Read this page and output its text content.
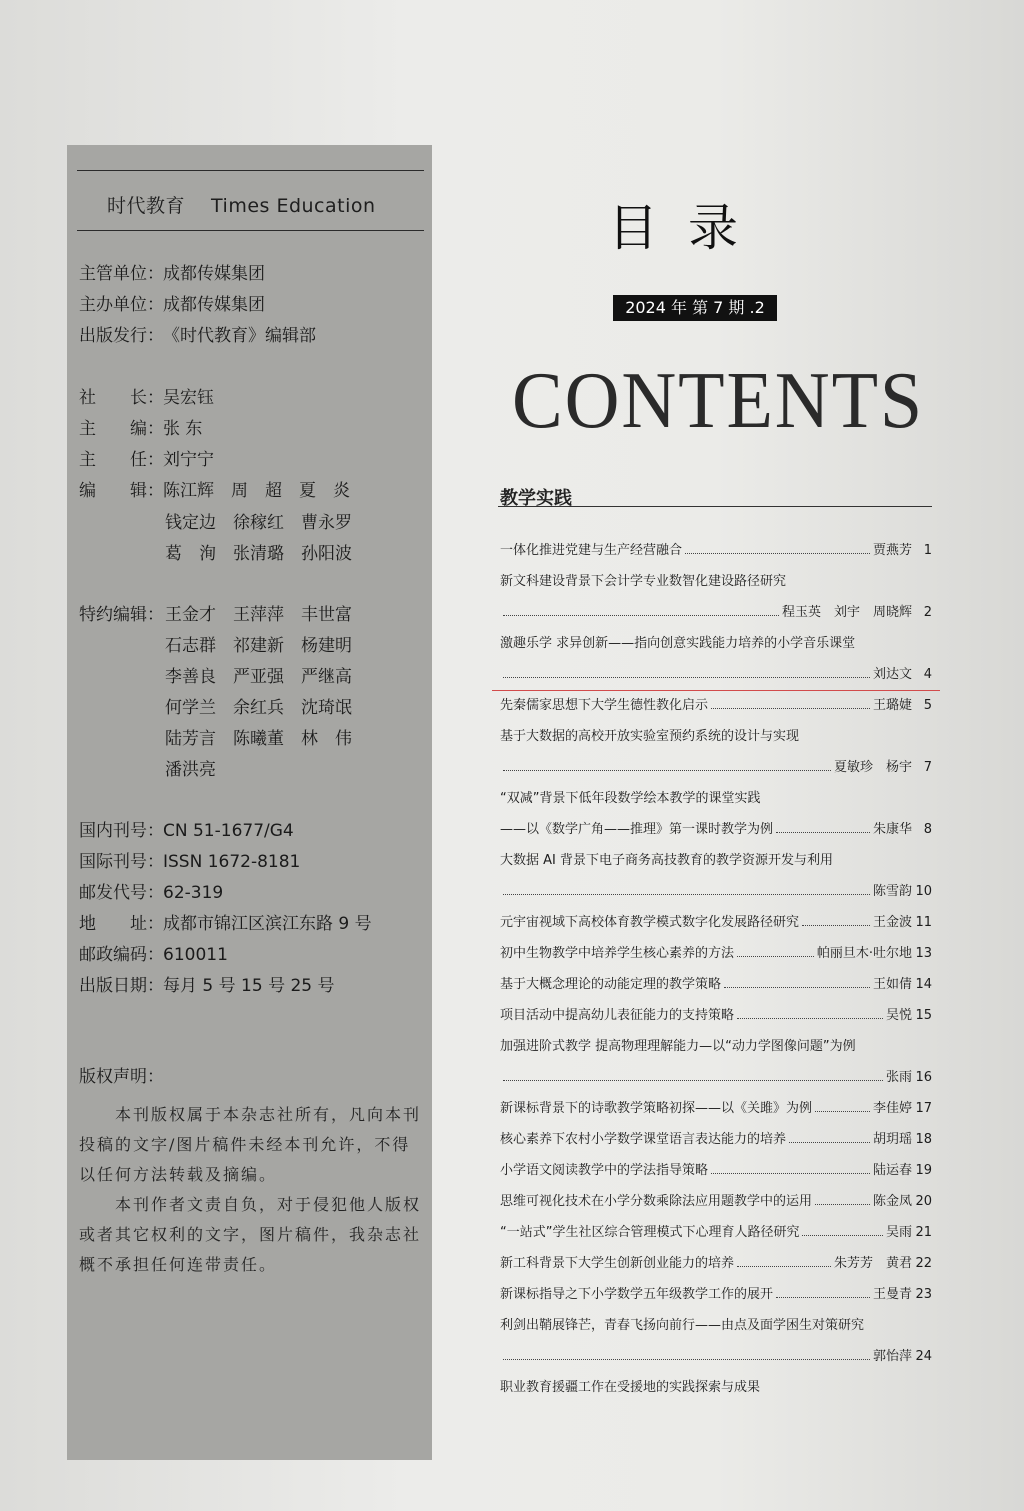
时代教育 Times Education
主管单位：成都传媒集团
主办单位：成都传媒集团
出版发行：《时代教育》编辑部
社　　长：吴宏钰
主　　编：张 东
主　　任：刘宁宁
编　　辑：陈江辉　周　超　夏　炎
钱定边　徐稼红　曹永罗
葛　洵　张清璐　孙阳波
特约编辑： 王金才　王萍萍　丰世富
石志群　祁建新　杨建明
李善良　严亚强　严继高
何学兰　余红兵　沈琦氓
陆芳言　陈曦董　林　伟
潘洪亮
国内刊号：CN 51-1677/G4
国际刊号：ISSN 1672-8181
邮发代号：62-319
地　　址：成都市锦江区滨江东路 9 号
邮政编码：610011
出版日期：每月 5 号 15 号 25 号
版权声明：
本刊版权属于本杂志社所有，凡向本刊投稿的文字/图片稿件未经本刊允许，不得以任何方法转载及摘编。
本刊作者文责自负，对于侵犯他人版权或者其它权利的文字，图片稿件，我杂志社概不承担任何连带责任。
目录
2024 年 第 7 期 .2
CONTENTS
教学实践
一体化推进党建与生产经营融合	贾燕芳 1
新文科建设背景下会计学专业数智化建设路径研究
程玉英　刘宇　周晓辉 2
激趣乐学 求异创新——指向创意实践能力培养的小学音乐课堂
刘达文 4
先秦儒家思想下大学生德性教化启示	王璐婕 5
基于大数据的高校开放实验室预约系统的设计与实现
夏敏珍　杨宇 7
“双减”背景下低年段数学绘本教学的课堂实践
——以《数学广角——推理》第一课时教学为例	朱康华 8
大数据 AI 背景下电子商务高技教育的教学资源开发与利用
陈雪韵 10
元宇宙视域下高校体育教学模式数字化发展路径研究	王金波 11
初中生物教学中培养学生核心素养的方法	帕丽旦木·吐尔地 13
基于大概念理论的动能定理的教学策略	王如倩 14
项目活动中提高幼儿表征能力的支持策略	吴悦 15
加强进阶式教学 提高物理理解能力—以“动力学图像问题”为例
张雨 16
新课标背景下的诗歌教学策略初探——以《关雎》为例	李佳婷 17
核心素养下农村小学数学课堂语言表达能力的培养	胡玥瑶 18
小学语文阅读教学中的学法指导策略	陆运春 19
思维可视化技术在小学分数乘除法应用题教学中的运用	陈金凤 20
“一站式”学生社区综合管理模式下心理育人路径研究	吴雨 21
新工科背景下大学生创新创业能力的培养	朱芳芳　黄君 22
新课标指导之下小学数学五年级教学工作的展开	王曼青 23
利剑出鞘展锋芒，青春飞扬向前行——由点及面学困生对策研究
郭怡萍 24
职业教育援疆工作在受援地的实践探索与成果
